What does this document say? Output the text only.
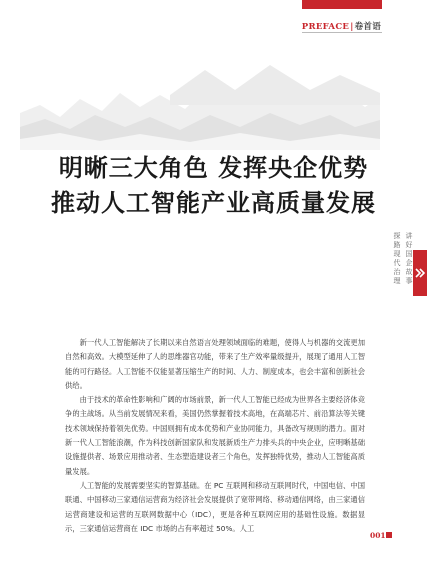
PREFACE|卷首语
明晰三大角色 发挥央企优势
推动人工智能产业高质量发展
探路现代治理
讲好国企故事

新一代人工智能解决了长期以来自然语言处理领域面临的难题，使得人与机器的交流更加自然和高效。大模型延伸了人的思维器官功能，带来了生产效率量级提升，展现了通用人工智能的可行路径。人工智能不仅能显著压缩生产的时间、人力、制度成本，也会丰富和创新社会供给。

由于技术的革命性影响和广阔的市场前景，新一代人工智能已经成为世界各主要经济体竞争的主战场。从当前发展情况来看，美国仍然掌握着技术高地，在高端芯片、前沿算法等关键技术领域保持着领先优势。中国则拥有成本优势和产业协同能力，具备改写规则的潜力。面对新一代人工智能浪潮，作为科技创新国家队和发展新质生产力排头兵的中央企业，应明晰基础设施提供者、场景应用推动者、生态塑造建设者三个角色，发挥独特优势，推动人工智能高质量发展。

人工智能的发展需要坚实的智算基础。在 PC 互联网和移动互联网时代，中国电信、中国联通、中国移动三家通信运营商为经济社会发展提供了宽带网络、移动通信网络，由三家通信运营商建设和运营的互联网数据中心（IDC），更是各种互联网应用的基础性设施。数据显示，三家通信运营商在 IDC 市场的占有率超过 50%。人工

001
